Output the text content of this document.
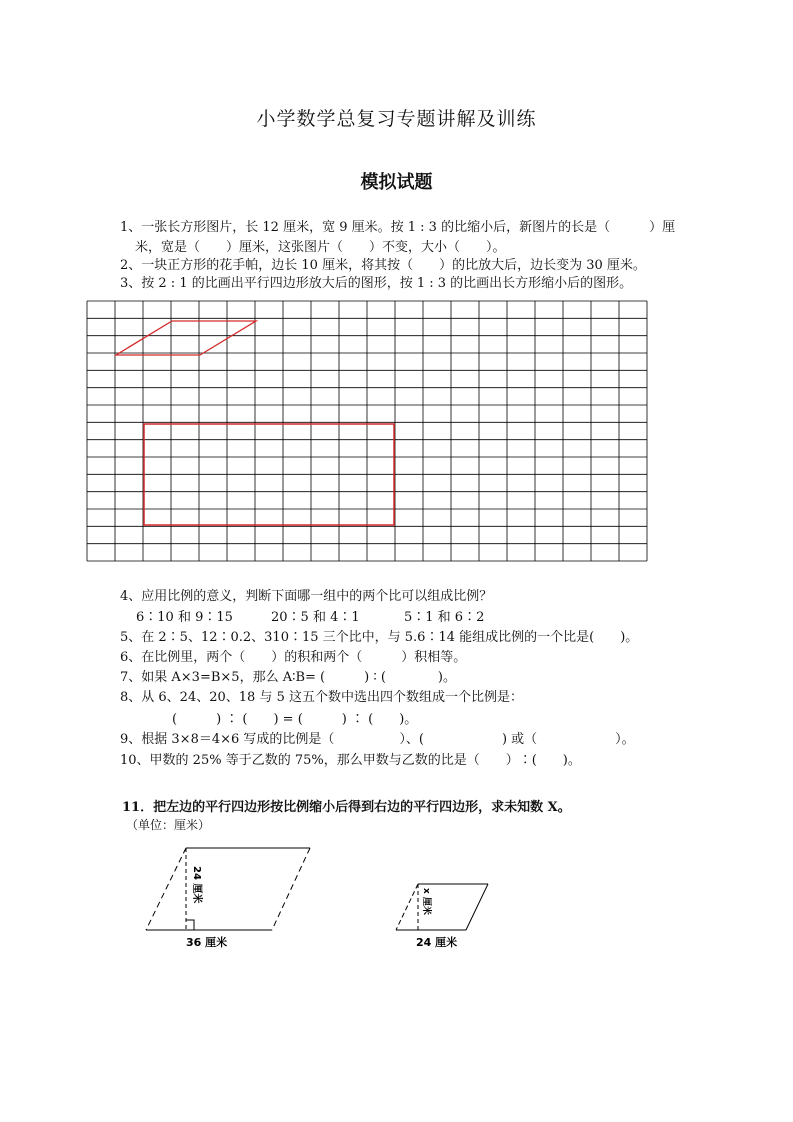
小学数学总复习专题讲解及训练
模拟试题
1、一张长方形图片，长 12 厘米，宽 9 厘米。按 1 : 3 的比缩小后，新图片的长是（　　　）厘
米，宽是（　　）厘米，这张图片（　　）不变，大小（　　）。
2、一块正方形的花手帕，边长 10 厘米，将其按（　　）的比放大后，边长变为 30 厘米。
3、按 2 : 1 的比画出平行四边形放大后的图形，按 1 : 3 的比画出长方形缩小后的图形。
4、应用比例的意义，判断下面哪一组中的两个比可以组成比例？
6∶10 和 9∶15	20∶5 和 4∶1	5∶1 和 6∶2
5、在 2∶5、12∶0.2、310∶15 三个比中，与 5.6∶14 能组成比例的一个比是(　　)。
6、在比例里，两个（　　）的积和两个（　　　）积相等。
7、如果 A×3=B×5，那么 A∶B= (　　　) ∶ (　　　　)。
8、从 6、24、20、18 与 5 这五个数中选出四个数组成一个比例是：
(　　　) ∶ (　　) = (　　　) ∶ (　　)。
9、根据 3×8＝4×6 写成的比例是（　　　　　）、(　　　　　　) 或（　　　　　　）。
10、甲数的 25% 等于乙数的 75%，那么甲数与乙数的比是（　　）∶(　　)。
11．把左边的平行四边形按比例缩小后得到右边的平行四边形，求未知数 X。
（单位：厘米）
24 厘米
36 厘米
x 厘米
24 厘米
